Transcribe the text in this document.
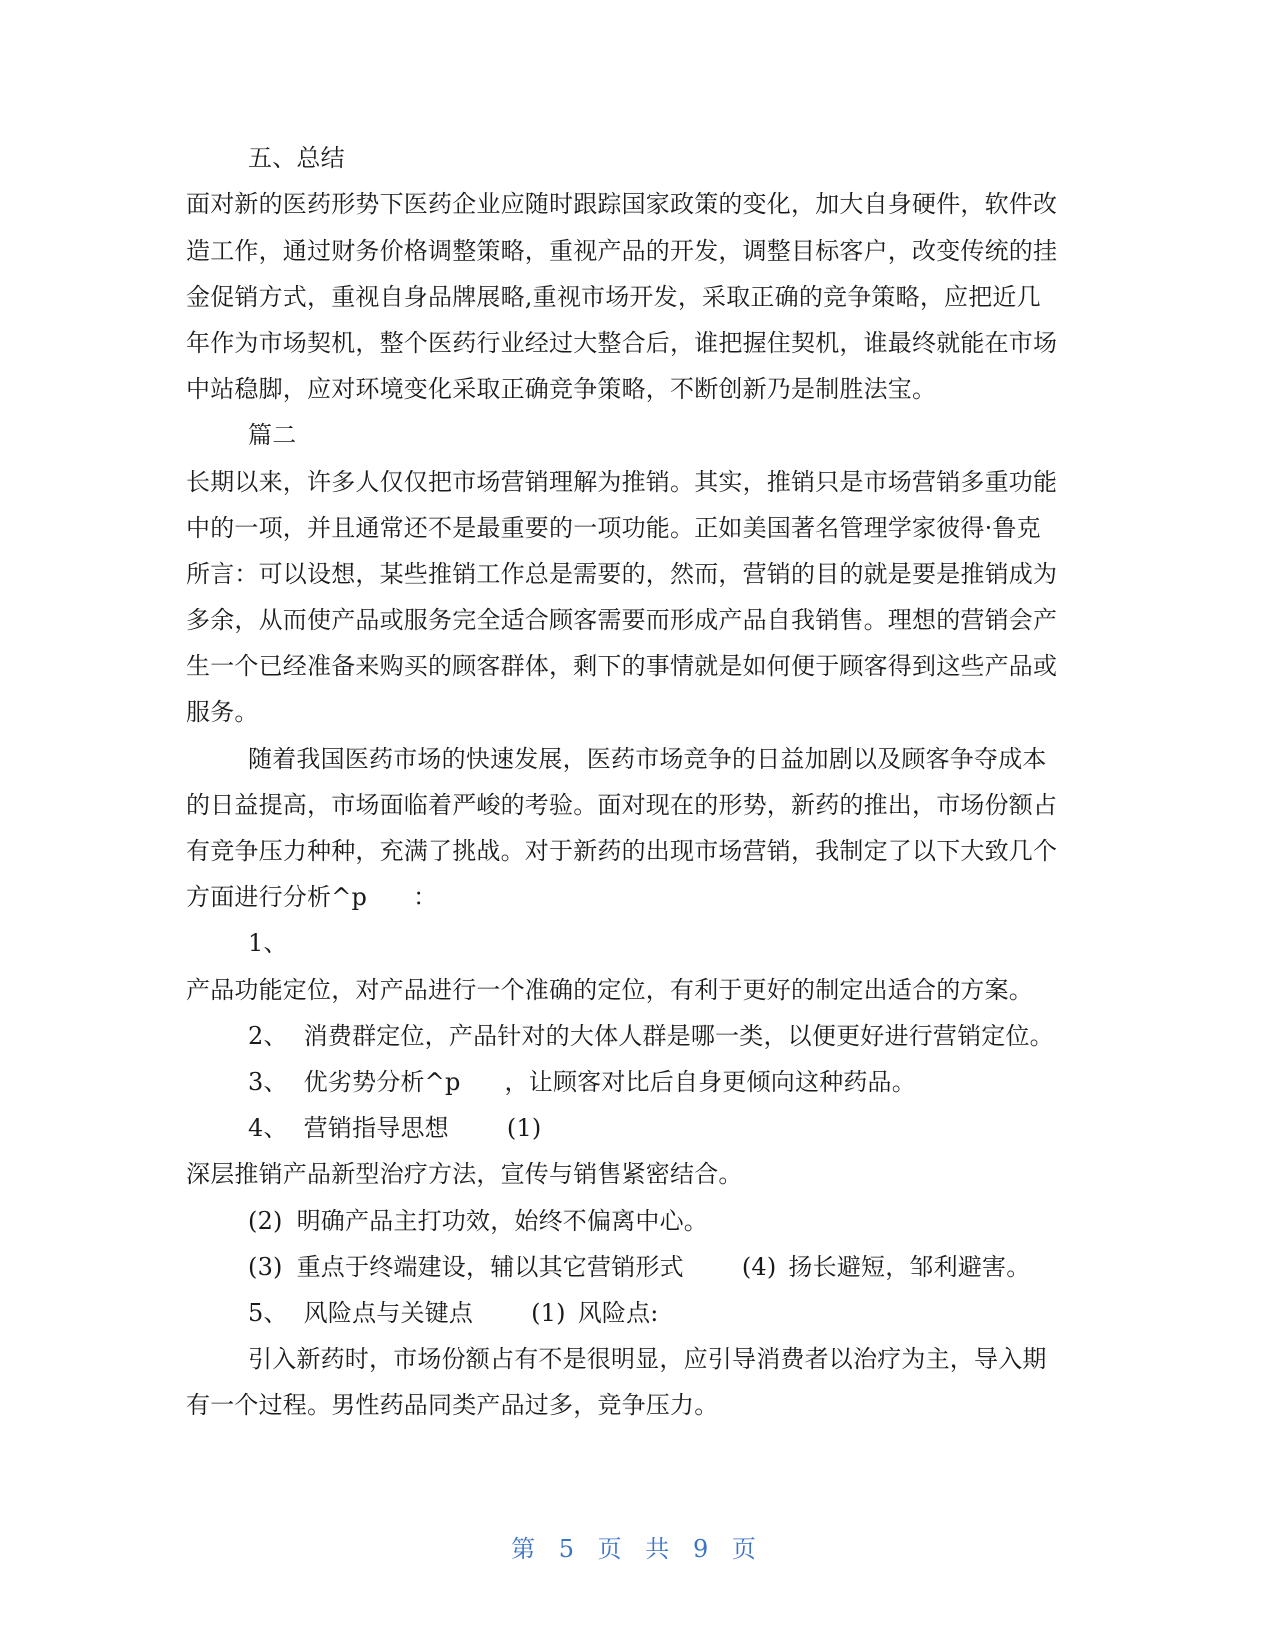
五、总结
面对新的医药形势下医药企业应随时跟踪国家政策的变化，加大自身硬件，软件改
造工作，通过财务价格调整策略，重视产品的开发，调整目标客户，改变传统的挂
金促销方式，重视自身品牌展略,重视市场开发，采取正确的竞争策略，应把近几
年作为市场契机，整个医药行业经过大整合后，谁把握住契机，谁最终就能在市场
中站稳脚，应对环境变化采取正确竞争策略，不断创新乃是制胜法宝。
篇二
长期以来，许多人仅仅把市场营销理解为推销。其实，推销只是市场营销多重功能
中的一项，并且通常还不是最重要的一项功能。正如美国著名管理学家彼得·鲁克
所言：可以设想，某些推销工作总是需要的，然而，营销的目的就是要是推销成为
多余，从而使产品或服务完全适合顾客需要而形成产品自我销售。理想的营销会产
生一个已经准备来购买的顾客群体，剩下的事情就是如何便于顾客得到这些产品或
服务。
随着我国医药市场的快速发展，医药市场竞争的日益加剧以及顾客争夺成本
的日益提高，市场面临着严峻的考验。面对现在的形势，新药的推出，市场份额占
有竞争压力种种，充满了挑战。对于新药的出现市场营销，我制定了以下大致几个
方面进行分析^p ：
1、
产品功能定位，对产品进行一个准确的定位，有利于更好的制定出适合的方案。
2、 消费群定位，产品针对的大体人群是哪一类，以便更好进行营销定位。
3、 优劣势分析^p ，让顾客对比后自身更倾向这种药品。
4、 营销指导思想 (1)
深层推销产品新型治疗方法，宣传与销售紧密结合。
(2) 明确产品主打功效，始终不偏离中心。
(3) 重点于终端建设，辅以其它营销形式 (4) 扬长避短，邹利避害。
5、 风险点与关键点 (1) 风险点:
引入新药时，市场份额占有不是很明显，应引导消费者以治疗为主，导入期
有一个过程。男性药品同类产品过多，竞争压力。
第 5 页 共 9 页
